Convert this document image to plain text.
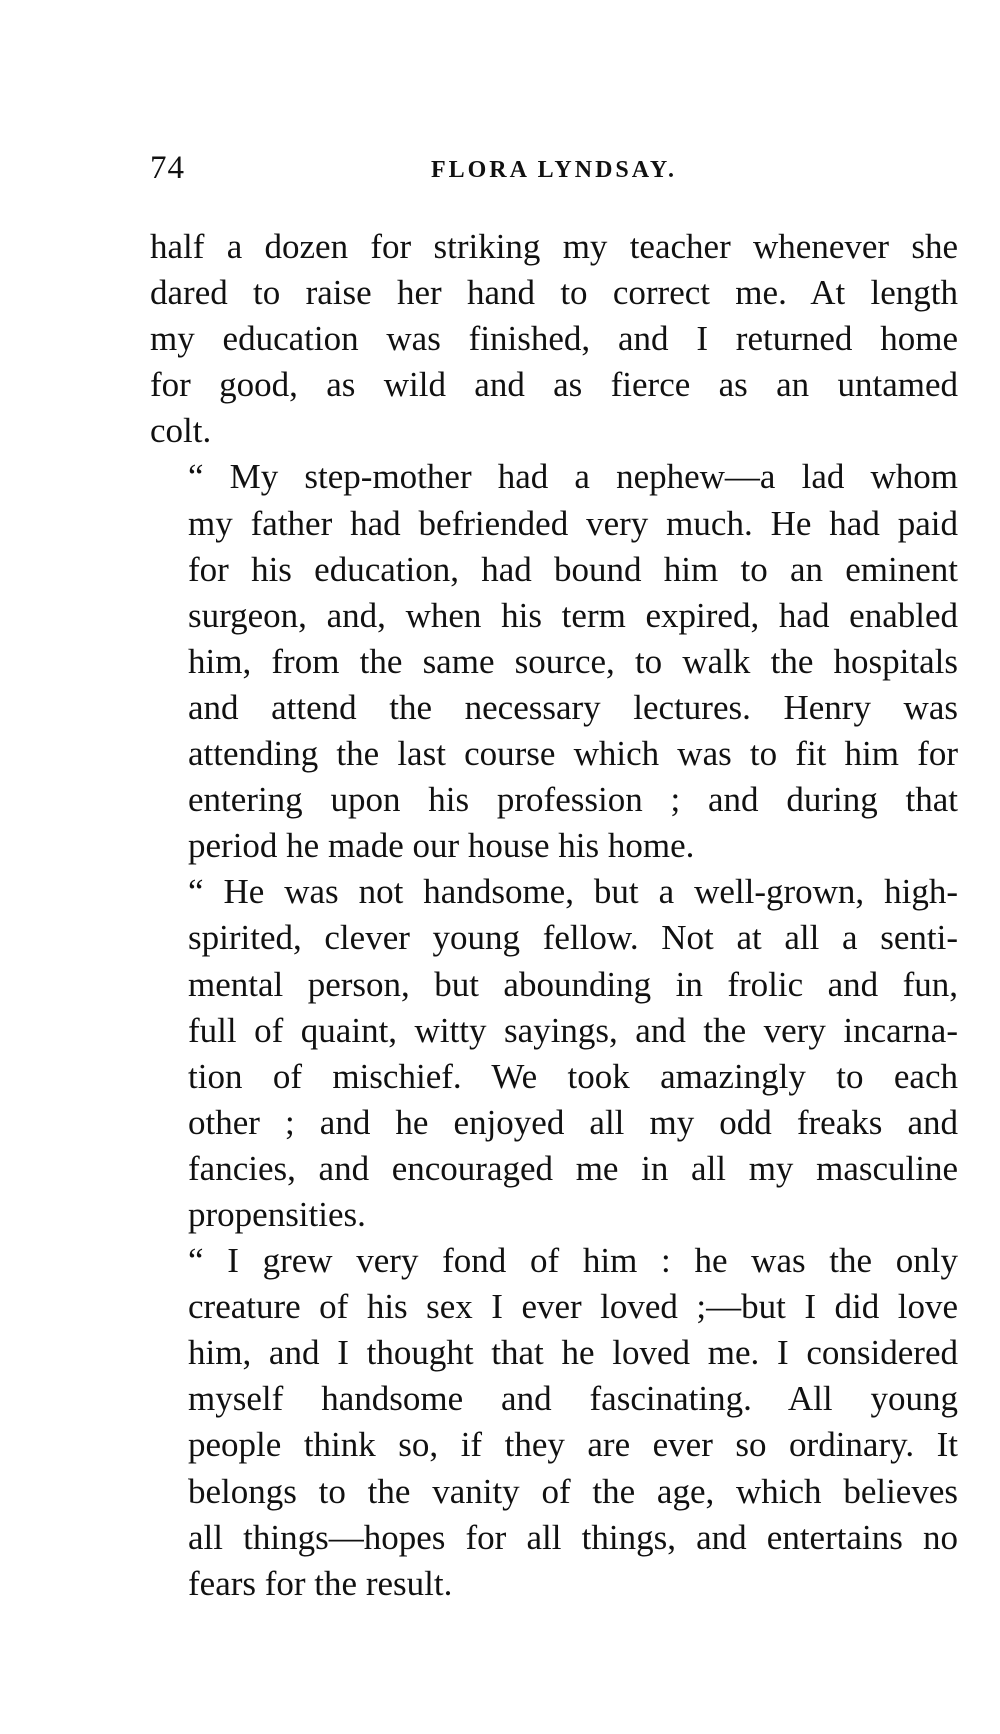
74	FLORA LYNDSAY.

half a dozen for striking my teacher whenever she
dared to raise her hand to correct me. At length
my education was finished, and I returned home
for good, as wild and as fierce as an untamed
colt.

“ My step-mother had a nephew—a lad whom
my father had befriended very much. He had paid
for his education, had bound him to an eminent
surgeon, and, when his term expired, had enabled
him, from the same source, to walk the hospitals
and attend the necessary lectures. Henry was
attending the last course which was to fit him for
entering upon his profession ; and during that
period he made our house his home.

“ He was not handsome, but a well-grown, high-
spirited, clever young fellow. Not at all a senti-
mental person, but abounding in frolic and fun,
full of quaint, witty sayings, and the very incarna-
tion of mischief. We took amazingly to each
other ; and he enjoyed all my odd freaks and
fancies, and encouraged me in all my masculine
propensities.

“ I grew very fond of him : he was the only
creature of his sex I ever loved ;—but I did love
him, and I thought that he loved me. I considered
myself handsome and fascinating. All young
people think so, if they are ever so ordinary. It
belongs to the vanity of the age, which believes
all things—hopes for all things, and entertains no
fears for the result.
